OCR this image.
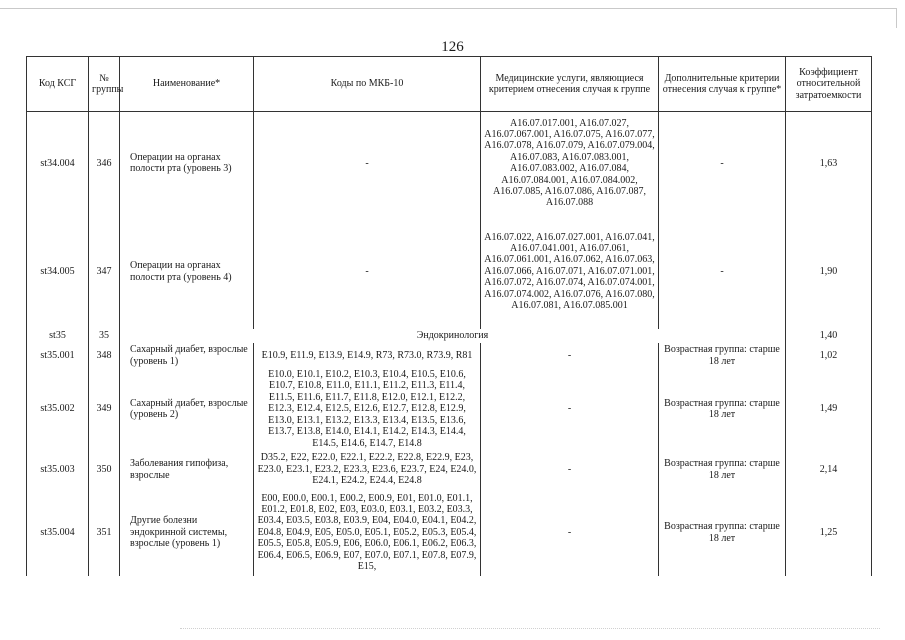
126
Код КСГ	№ группы	Наименование*	Коды по МКБ-10	Медицинские услуги, являющиеся критерием отнесения случая к группе	Дополнительные критерии отнесения случая к группе*	Коэффициент относительной затратоемкости
st34.004	346	Операции на органах полости рта (уровень 3)	-	A16.07.017.001, A16.07.027, A16.07.067.001, A16.07.075, A16.07.077, A16.07.078, A16.07.079, A16.07.079.004, A16.07.083, A16.07.083.001, A16.07.083.002, A16.07.084, A16.07.084.001, A16.07.084.002, A16.07.085, A16.07.086, A16.07.087, A16.07.088	-	1,63
st34.005	347	Операции на органах полости рта (уровень 4)	-	A16.07.022, A16.07.027.001, A16.07.041, A16.07.041.001, A16.07.061, A16.07.061.001, A16.07.062, A16.07.063, A16.07.066, A16.07.071, A16.07.071.001, A16.07.072, A16.07.074, A16.07.074.001, A16.07.074.002, A16.07.076, A16.07.080, A16.07.081, A16.07.085.001	-	1,90
st35	35	Эндокринология				1,40
st35.001	348	Сахарный диабет, взрослые (уровень 1)	E10.9, E11.9, E13.9, E14.9, R73, R73.0, R73.9, R81	-	Возрастная группа: старше 18 лет	1,02
st35.002	349	Сахарный диабет, взрослые (уровень 2)	E10.0, E10.1, E10.2, E10.3, E10.4, E10.5, E10.6, E10.7, E10.8, E11.0, E11.1, E11.2, E11.3, E11.4, E11.5, E11.6, E11.7, E11.8, E12.0, E12.1, E12.2, E12.3, E12.4, E12.5, E12.6, E12.7, E12.8, E12.9, E13.0, E13.1, E13.2, E13.3, E13.4, E13.5, E13.6, E13.7, E13.8, E14.0, E14.1, E14.2, E14.3, E14.4, E14.5, E14.6, E14.7, E14.8	-	Возрастная группа: старше 18 лет	1,49
st35.003	350	Заболевания гипофиза, взрослые	D35.2, E22, E22.0, E22.1, E22.2, E22.8, E22.9, E23, E23.0, E23.1, E23.2, E23.3, E23.6, E23.7, E24, E24.0, E24.1, E24.2, E24.4, E24.8	-	Возрастная группа: старше 18 лет	2,14
st35.004	351	Другие болезни эндокринной системы, взрослые (уровень 1)	E00, E00.0, E00.1, E00.2, E00.9, E01, E01.0, E01.1, E01.2, E01.8, E02, E03, E03.0, E03.1, E03.2, E03.3, E03.4, E03.5, E03.8, E03.9, E04, E04.0, E04.1, E04.2, E04.8, E04.9, E05, E05.0, E05.1, E05.2, E05.3, E05.4, E05.5, E05.8, E05.9, E06, E06.0, E06.1, E06.2, E06.3, E06.4, E06.5, E06.9, E07, E07.0, E07.1, E07.8, E07.9, E15,	-	Возрастная группа: старше 18 лет	1,25
